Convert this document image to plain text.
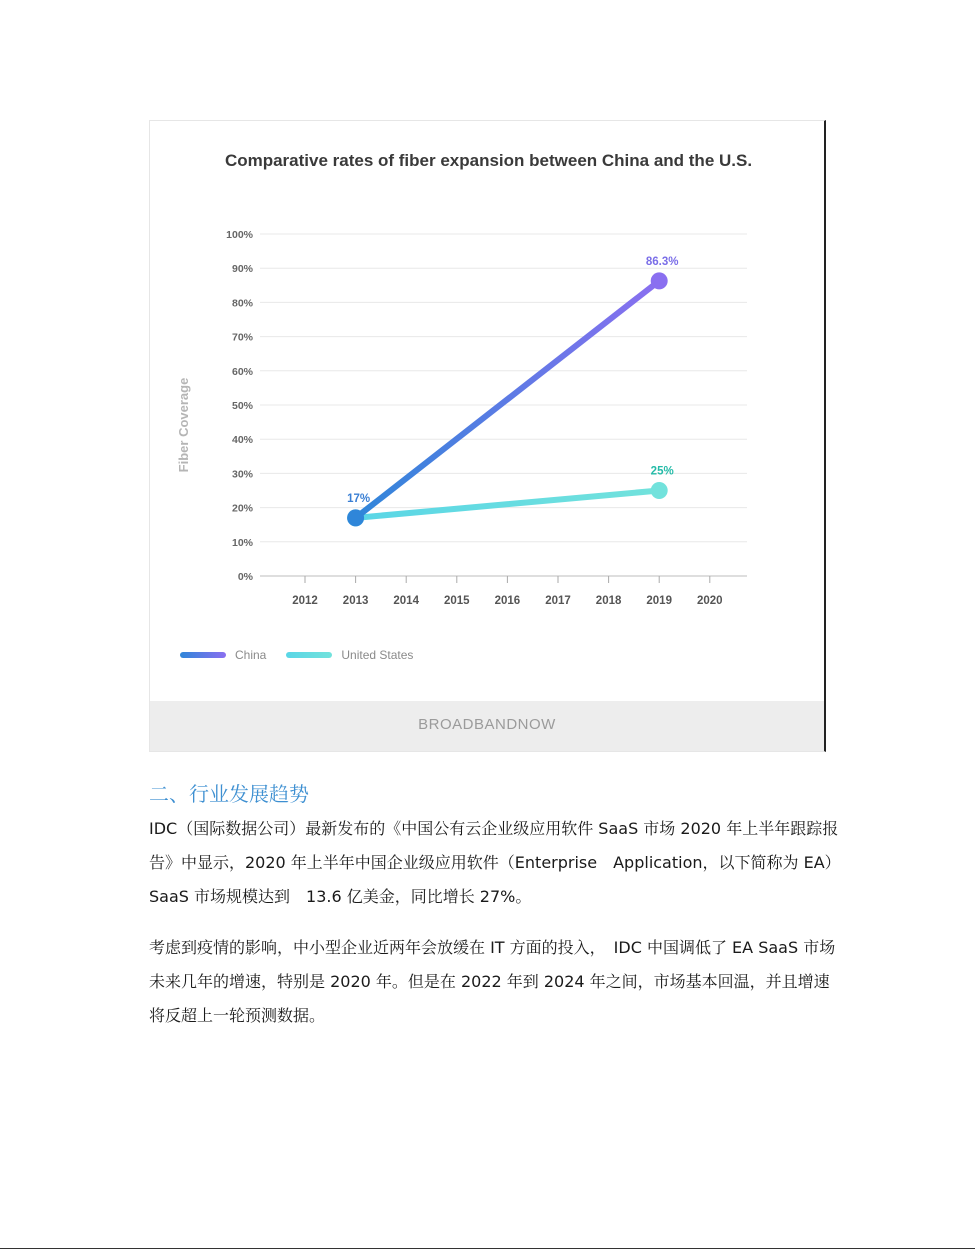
0%
10%
20%
30%
40%
50%
60%
70%
80%
90%
100%
2012 2013 2014 2015 2016 2017 2018 2019 2020
Fiber Coverage	25%
17%
86.3%
Comparative rates of fiber expansion between China and the U.S.
China	United States
BROADBANDNOW
二、行业发展趋势

IDC（国际数据公司）最新发布的《中国公有云企业级应用软件 SaaS 市场 2020 年上半年跟踪报告》中显示，2020 年上半年中国企业级应用软件（Enterprise　Application，以下简称为 EA）SaaS 市场规模达到　13.6 亿美金，同比增长 27%。

考虑到疫情的影响，中小型企业近两年会放缓在 IT 方面的投入，　IDC 中国调低了 EA SaaS 市场未来几年的增速，特别是 2020 年。但是在 2022 年到 2024 年之间，市场基本回温，并且增速将反超上一轮预测数据。
